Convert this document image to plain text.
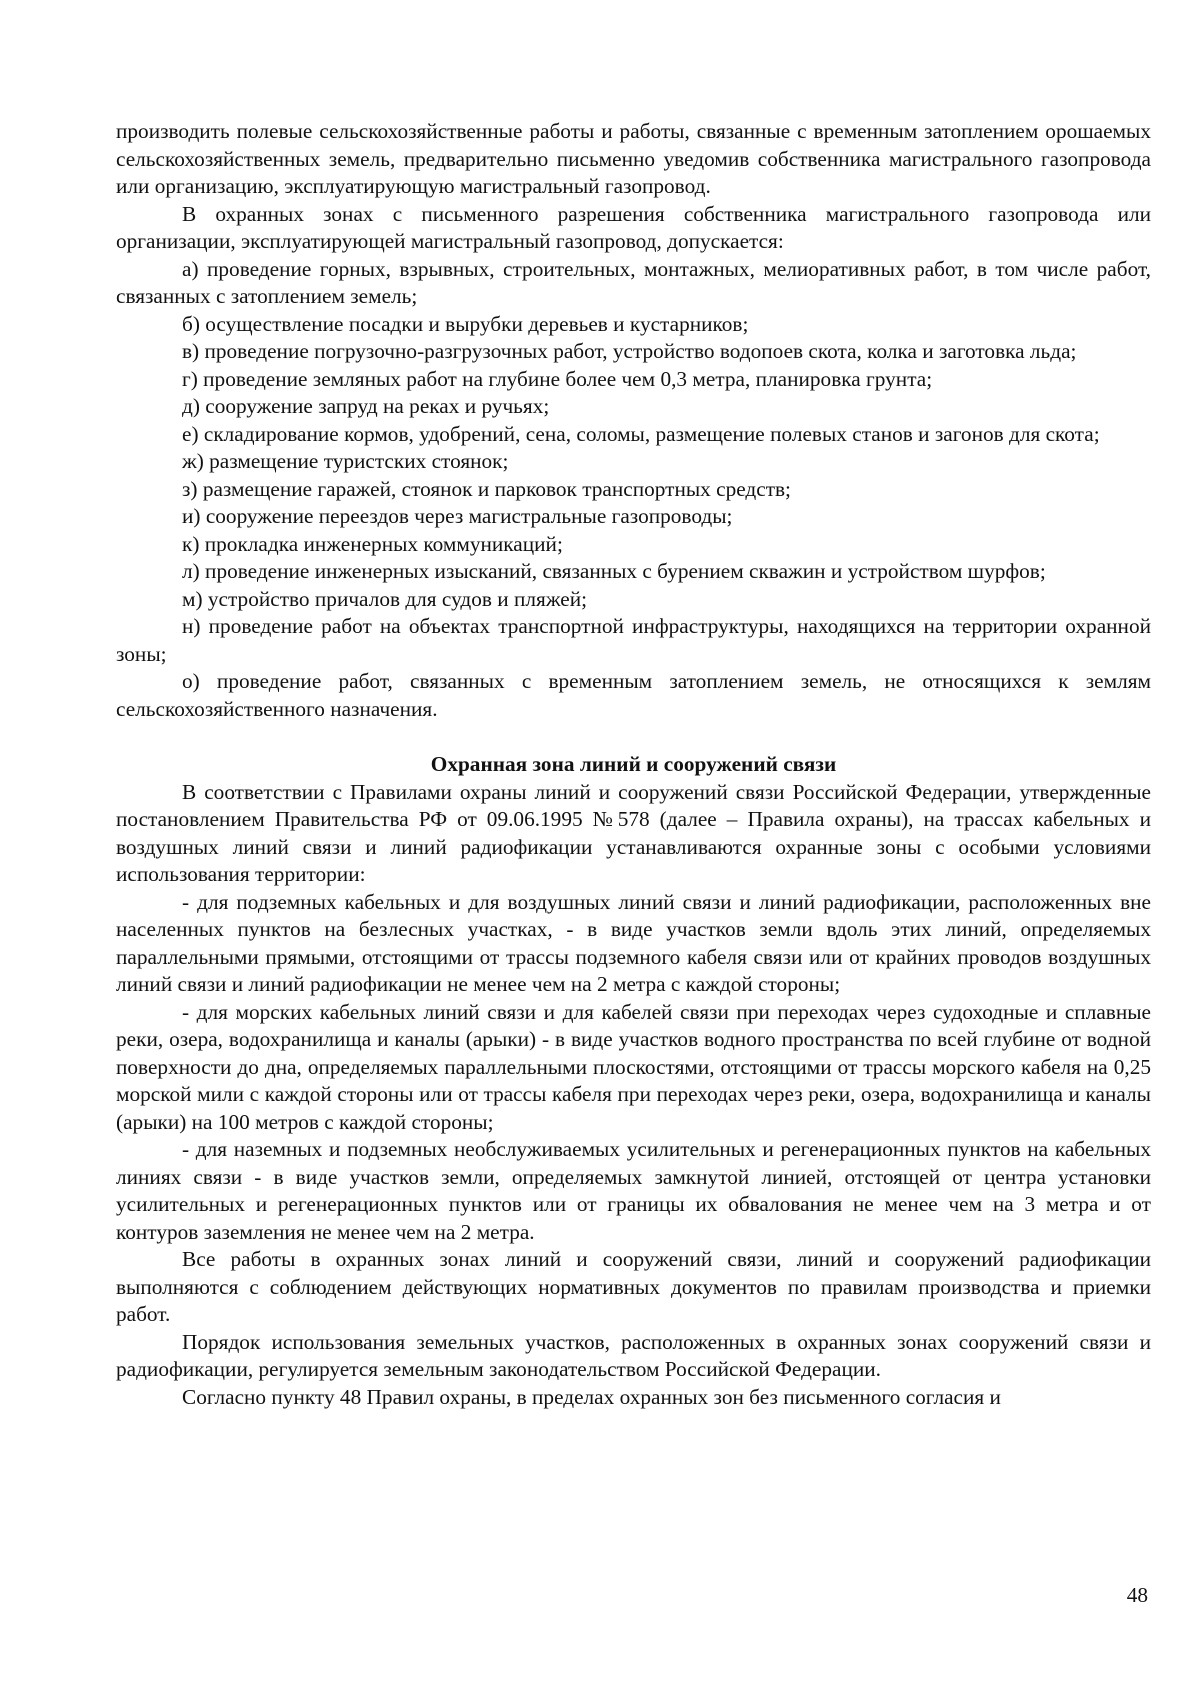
производить полевые сельскохозяйственные работы и работы, связанные с временным затоплением орошаемых сельскохозяйственных земель, предварительно письменно уведомив собственника магистрального газопровода или организацию, эксплуатирующую магистральный газопровод.

В охранных зонах с письменного разрешения собственника магистрального газопровода или организации, эксплуатирующей магистральный газопровод, допускается:

а) проведение горных, взрывных, строительных, монтажных, мелиоративных работ, в том числе работ, связанных с затоплением земель;

б) осуществление посадки и вырубки деревьев и кустарников;

в) проведение погрузочно-разгрузочных работ, устройство водопоев скота, колка и заготовка льда;

г) проведение земляных работ на глубине более чем 0,3 метра, планировка грунта;

д) сооружение запруд на реках и ручьях;

е) складирование кормов, удобрений, сена, соломы, размещение полевых станов и загонов для скота;

ж) размещение туристских стоянок;

з) размещение гаражей, стоянок и парковок транспортных средств;

и) сооружение переездов через магистральные газопроводы;

к) прокладка инженерных коммуникаций;

л) проведение инженерных изысканий, связанных с бурением скважин и устройством шурфов;

м) устройство причалов для судов и пляжей;

н) проведение работ на объектах транспортной инфраструктуры, находящихся на территории охранной зоны;

о) проведение работ, связанных с временным затоплением земель, не относящихся к землям сельскохозяйственного назначения.

Охранная зона линий и сооружений связи

В соответствии с Правилами охраны линий и сооружений связи Российской Федерации, утвержденные постановлением Правительства РФ от 09.06.1995 №578 (далее – Правила охраны), на трассах кабельных и воздушных линий связи и линий радиофикации устанавливаются охранные зоны с особыми условиями использования территории:

- для подземных кабельных и для воздушных линий связи и линий радиофикации, расположенных вне населенных пунктов на безлесных участках, - в виде участков земли вдоль этих линий, определяемых параллельными прямыми, отстоящими от трассы подземного кабеля связи или от крайних проводов воздушных линий связи и линий радиофикации не менее чем на 2 метра с каждой стороны;

- для морских кабельных линий связи и для кабелей связи при переходах через судоходные и сплавные реки, озера, водохранилища и каналы (арыки) - в виде участков водного пространства по всей глубине от водной поверхности до дна, определяемых параллельными плоскостями, отстоящими от трассы морского кабеля на 0,25 морской мили с каждой стороны или от трассы кабеля при переходах через реки, озера, водохранилища и каналы (арыки) на 100 метров с каждой стороны;

- для наземных и подземных необслуживаемых усилительных и регенерационных пунктов на кабельных линиях связи - в виде участков земли, определяемых замкнутой линией, отстоящей от центра установки усилительных и регенерационных пунктов или от границы их обвалования не менее чем на 3 метра и от контуров заземления не менее чем на 2 метра.

Все работы в охранных зонах линий и сооружений связи, линий и сооружений радиофикации выполняются с соблюдением действующих нормативных документов по правилам производства и приемки работ.

Порядок использования земельных участков, расположенных в охранных зонах сооружений связи и радиофикации, регулируется земельным законодательством Российской Федерации.

Согласно пункту 48 Правил охраны, в пределах охранных зон без письменного согласия и

48
